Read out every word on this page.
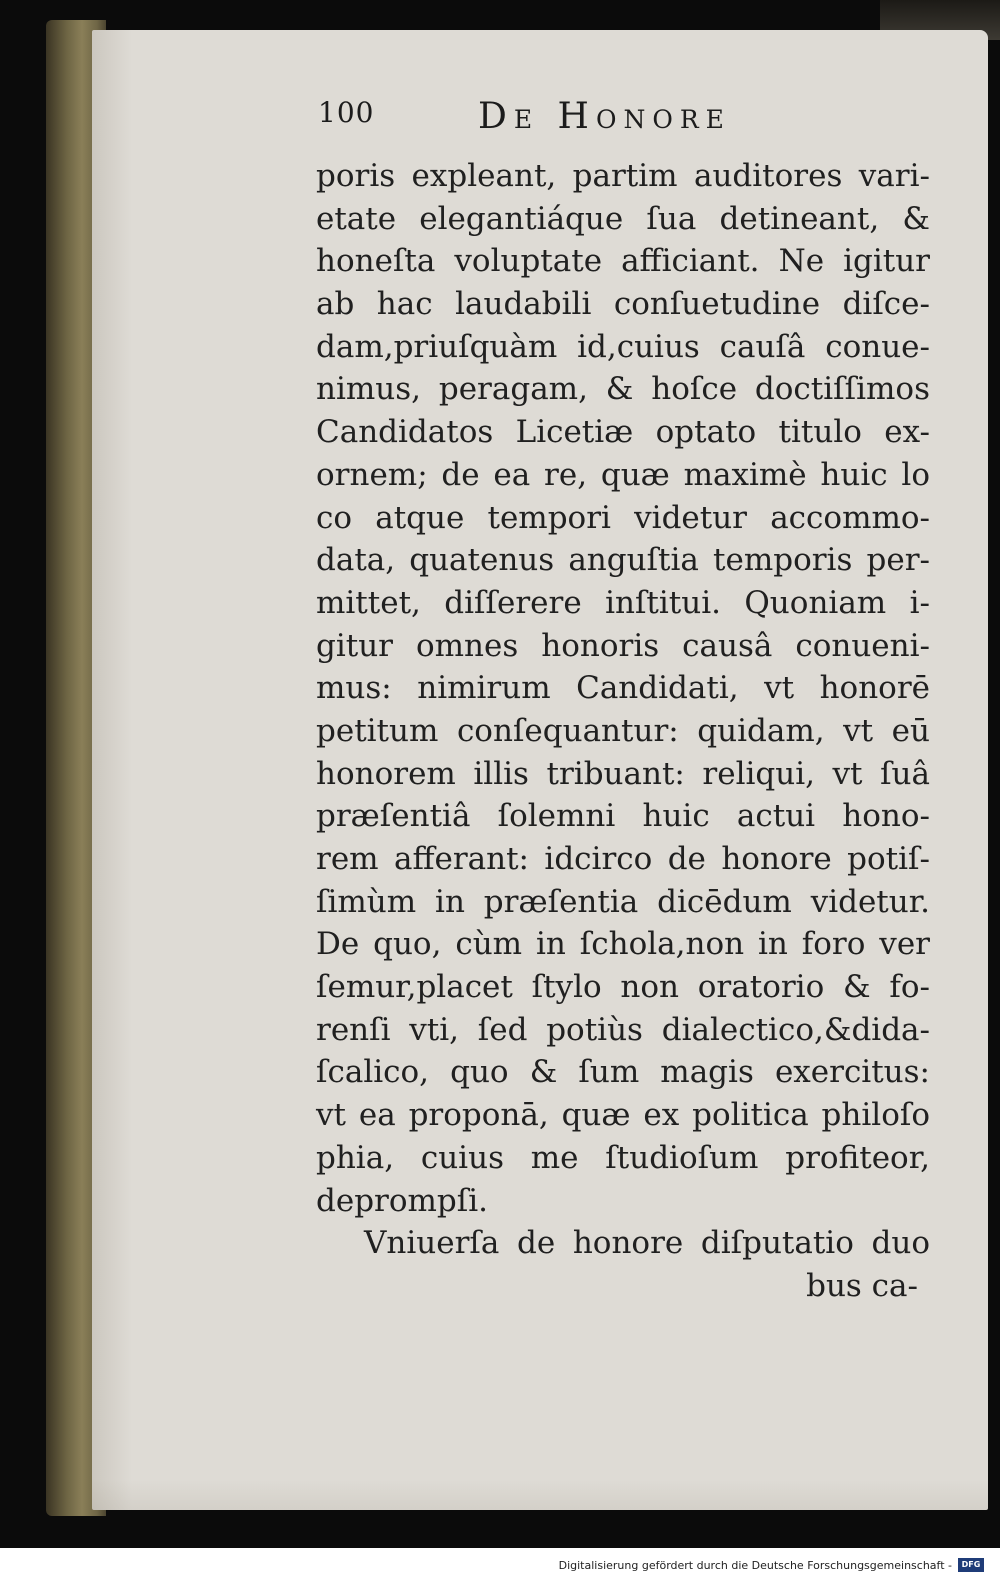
100	De Honore
poris expleant, partim auditores vari-
etate elegantiáque ſua detineant, &
honeſta voluptate afficiant. Ne igitur
ab hac laudabili conſuetudine diſce-
dam,priuſquàm id,cuius cauſâ conue-
nimus, peragam, & hoſce doctiſſimos
Candidatos Licetiæ optato titulo ex-
ornem; de ea re, quæ maximè huic lo
co atque tempori videtur accommo-
data, quatenus anguſtia temporis per-
mittet, diſſerere inſtitui. Quoniam i-
gitur omnes honoris causâ conueni-
mus: nimirum Candidati, vt honorē
petitum conſequantur: quidam, vt eū
honorem illis tribuant: reliqui, vt ſuâ
præſentiâ ſolemni huic actui hono-
rem afferant: idcirco de honore potiſ-
ſimùm in præſentia dicēdum videtur.
De quo, cùm in ſchola,non in foro ver
ſemur,placet ſtylo non oratorio & fo-
renſi vti, ſed potiùs dialectico,&dida-
ſcalico, quo & ſum magis exercitus:
vt ea proponā, quæ ex politica philoſo
phia, cuius me ſtudioſum profiteor,
deprompſi.
Vniuerſa de honore diſputatio duo
bus ca-
Digitalisierung gefördert durch die Deutsche Forschungsgemeinschaft -	DFG
